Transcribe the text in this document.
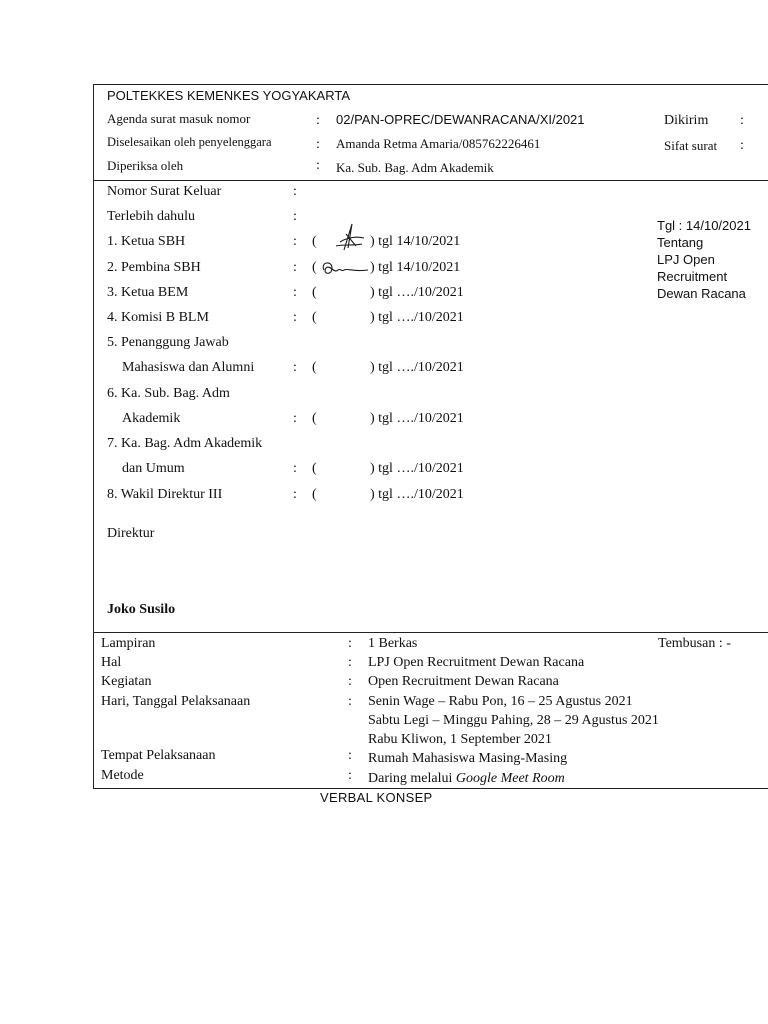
POLTEKKES KEMENKES YOGYAKARTA
Agenda surat masuk nomor	: 02/PAN-OPREC/DEWANRACANA/XI/2021
Diselesaikan oleh penyelenggara	: Amanda Retma Amaria/085762226461
Diperiksa oleh	: Ka. Sub. Bag. Adm Akademik
Dikirim :
Sifat surat :
Nomor Surat Keluar	:
Terlebih dahulu	:
1. Ketua SBH	: (	) tgl 14/10/2021
2. Pembina SBH	: (	) tgl 14/10/2021
3. Ketua BEM	: (	) tgl …./10/2021
4. Komisi B BLM	: (	) tgl …./10/2021
5. Penanggung Jawab
Mahasiswa dan Alumni	: (	) tgl …./10/2021
6. Ka. Sub. Bag. Adm
Akademik	: (	) tgl …./10/2021
7. Ka. Bag. Adm Akademik
dan Umum	: (	) tgl …./10/2021
8. Wakil Direktur III	: (	) tgl …./10/2021
Direktur
Joko Susilo
Tgl : 14/10/2021
Tentang
LPJ Open
Recruitment
Dewan Racana
Lampiran	: 1 Berkas	Tembusan : -
Hal	: LPJ Open Recruitment Dewan Racana
Kegiatan	: Open Recruitment Dewan Racana
Hari, Tanggal Pelaksanaan	: Senin Wage – Rabu Pon, 16 – 25 Agustus 2021
Sabtu Legi – Minggu Pahing, 28 – 29 Agustus 2021
Rabu Kliwon, 1 September 2021
Tempat Pelaksanaan	: Rumah Mahasiswa Masing-Masing
Metode	: Daring melalui Google Meet Room
VERBAL KONSEP
